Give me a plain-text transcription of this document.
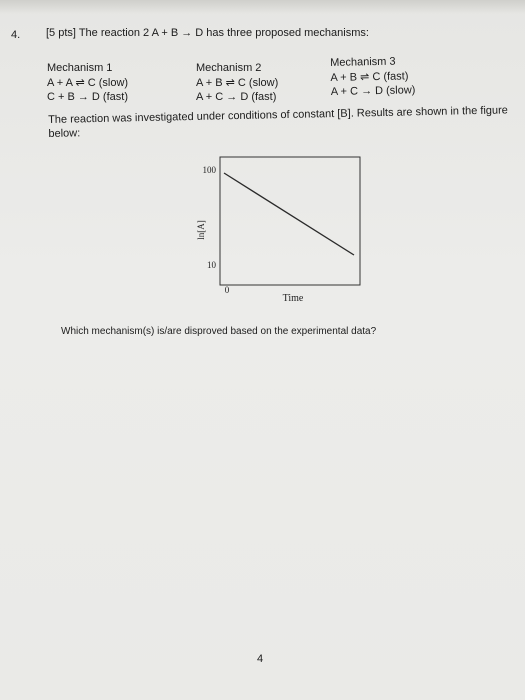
4. [5 pts] The reaction 2 A + B → D has three proposed mechanisms:
Mechanism 1
A + A ⇌ C (slow)
C + B → D (fast)
Mechanism 2
A + B ⇌ C (slow)
A + C → D (fast)
Mechanism 3
A + B ⇌ C (fast)
A + C → D (slow)
The reaction was investigated under conditions of constant [B]. Results are shown in the figure below:
100
10
0
Time
ln[A]
Which mechanism(s) is/are disproved based on the experimental data?
4
